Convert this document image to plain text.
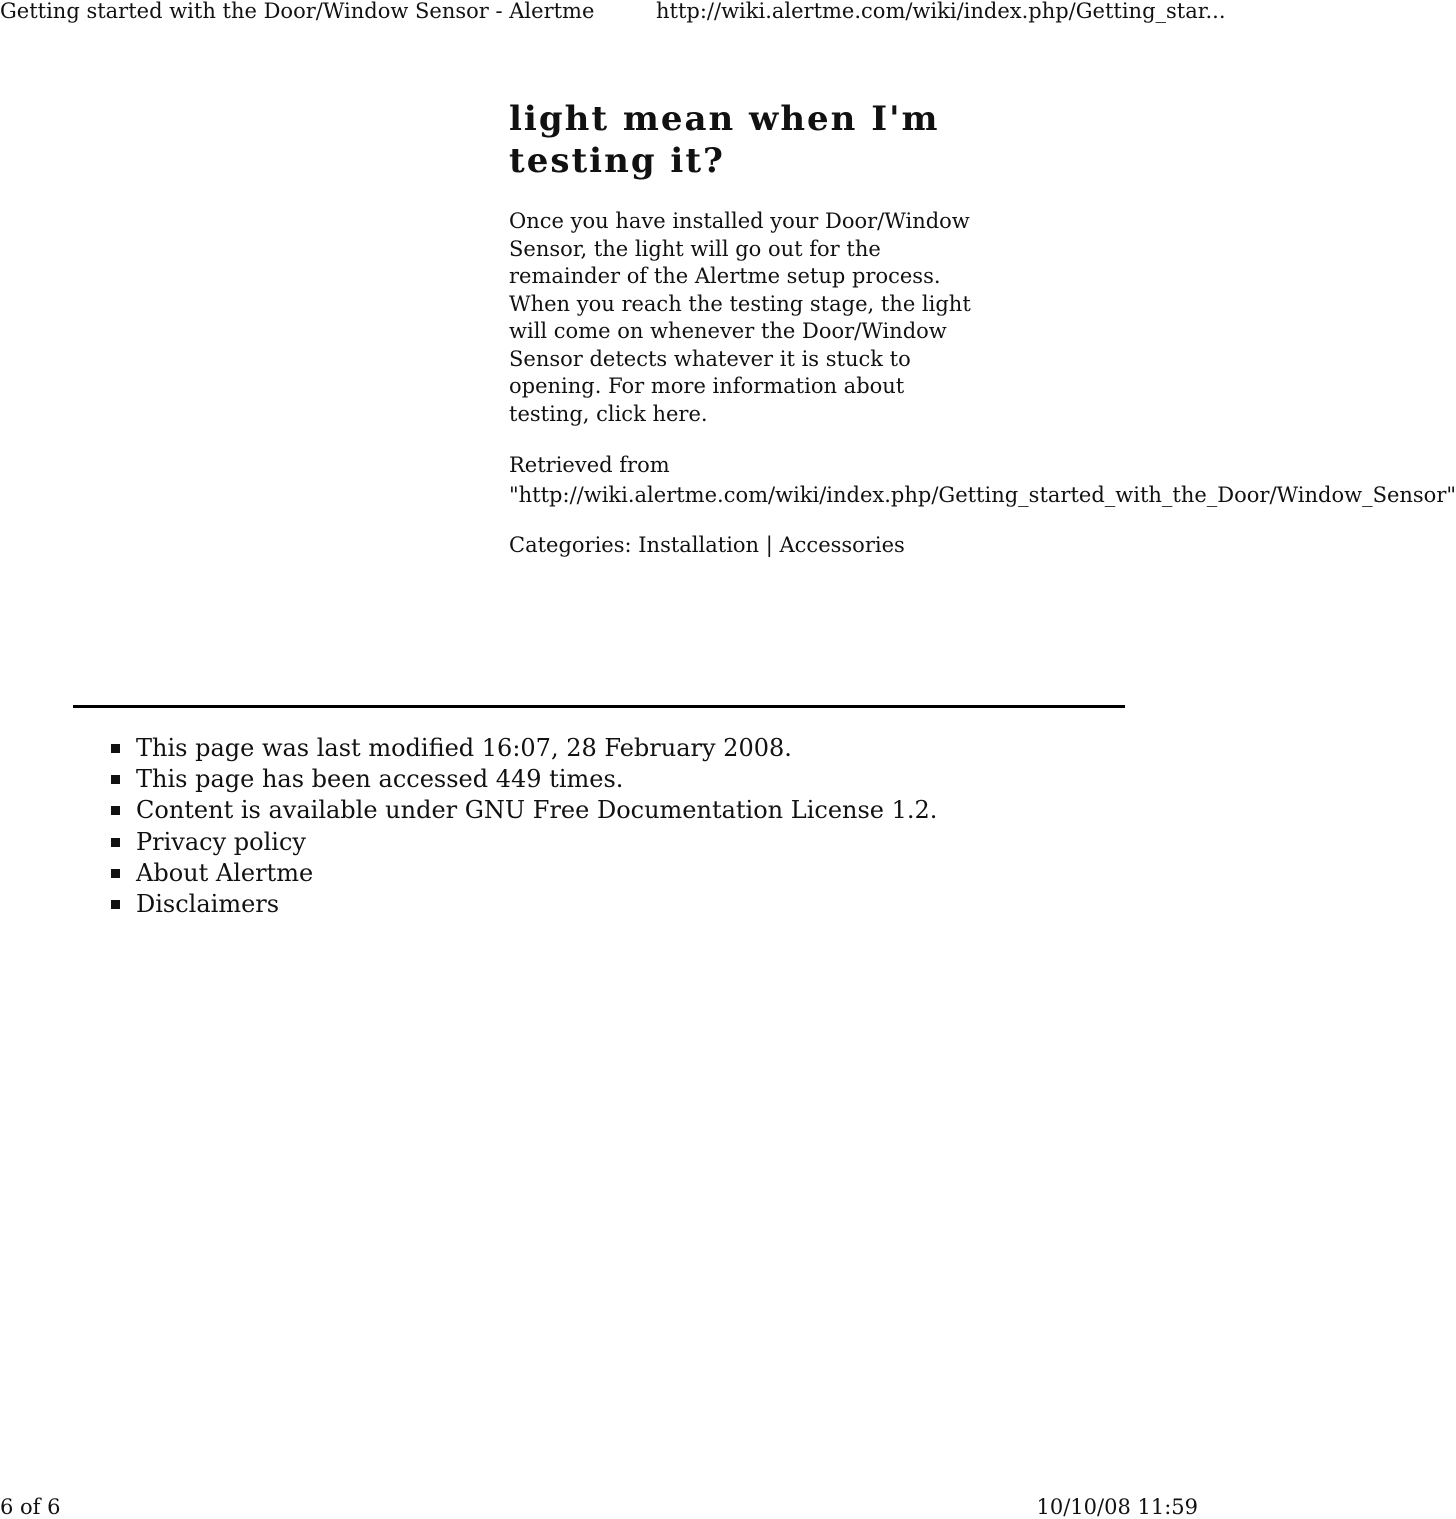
Getting started with the Door/Window Sensor - Alertme	http://wiki.alertme.com/wiki/index.php/Getting_star...
light mean when I'm testing it?

Once you have installed your Door/Window Sensor, the light will go out for the remainder of the Alertme setup process. When you reach the testing stage, the light will come on whenever the Door/Window Sensor detects whatever it is stuck to opening. For more information about testing, click here.

Retrieved from "http://wiki.alertme.com/wiki/index.php/Getting_started_with_the_Door/Window_Sensor"

Categories: Installation | Accessories

This page was last modified 16:07, 28 February 2008.
This page has been accessed 449 times.
Content is available under GNU Free Documentation License 1.2.
Privacy policy
About Alertme
Disclaimers
6 of 6	10/10/08 11:59
